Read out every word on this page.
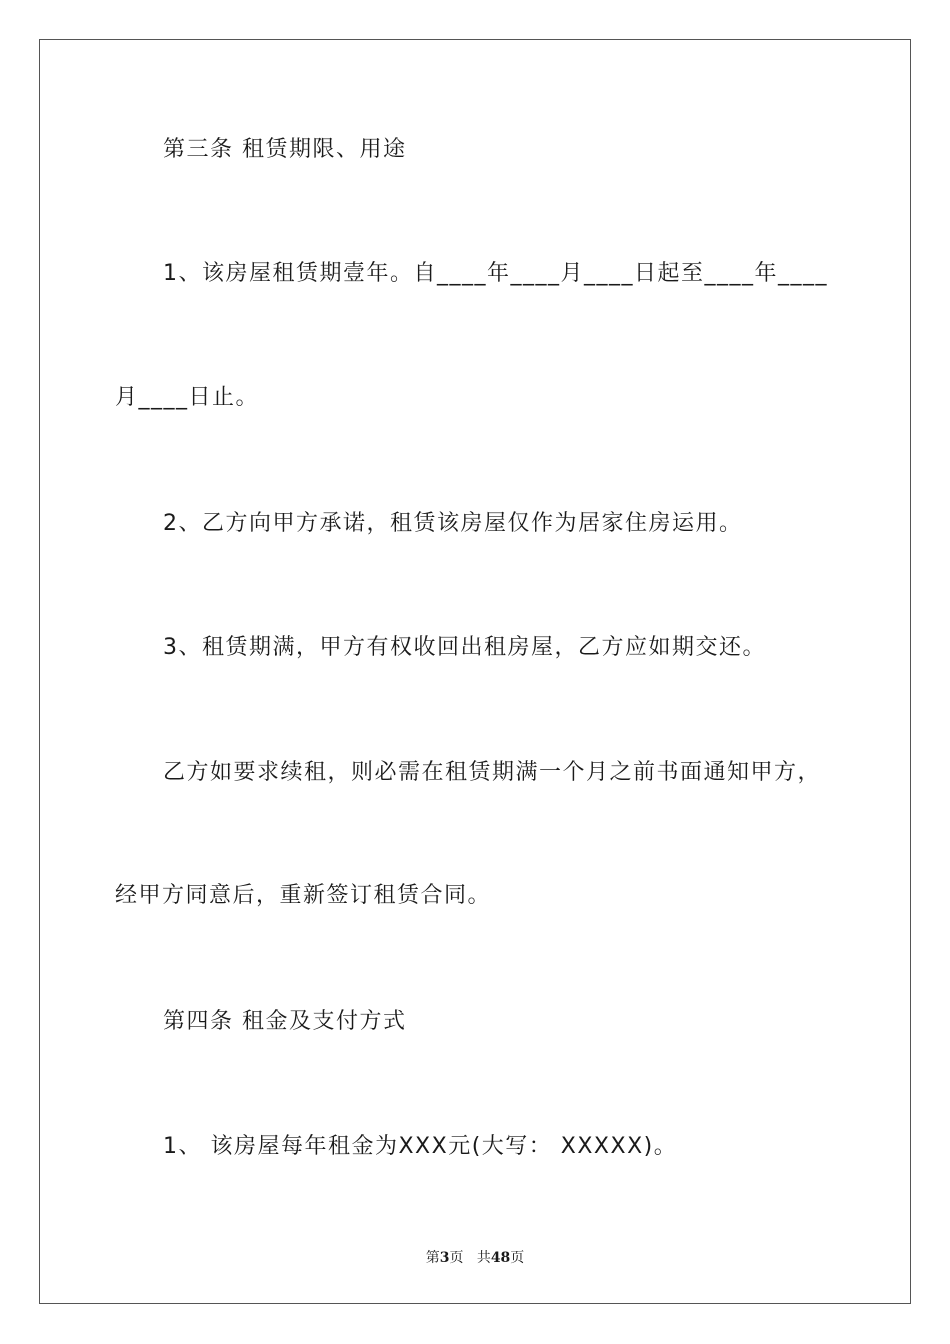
第三条 租赁期限、用途
1、该房屋租赁期壹年。自____年____月____日起至____年____
月____日止。
2、乙方向甲方承诺，租赁该房屋仅作为居家住房运用。
3、租赁期满，甲方有权收回出租房屋，乙方应如期交还。
乙方如要求续租，则必需在租赁期满一个月之前书面通知甲方，
经甲方同意后，重新签订租赁合同。
第四条 租金及支付方式
1、 该房屋每年租金为XXX元(大写： XXXXX)。
第3页 共48页
